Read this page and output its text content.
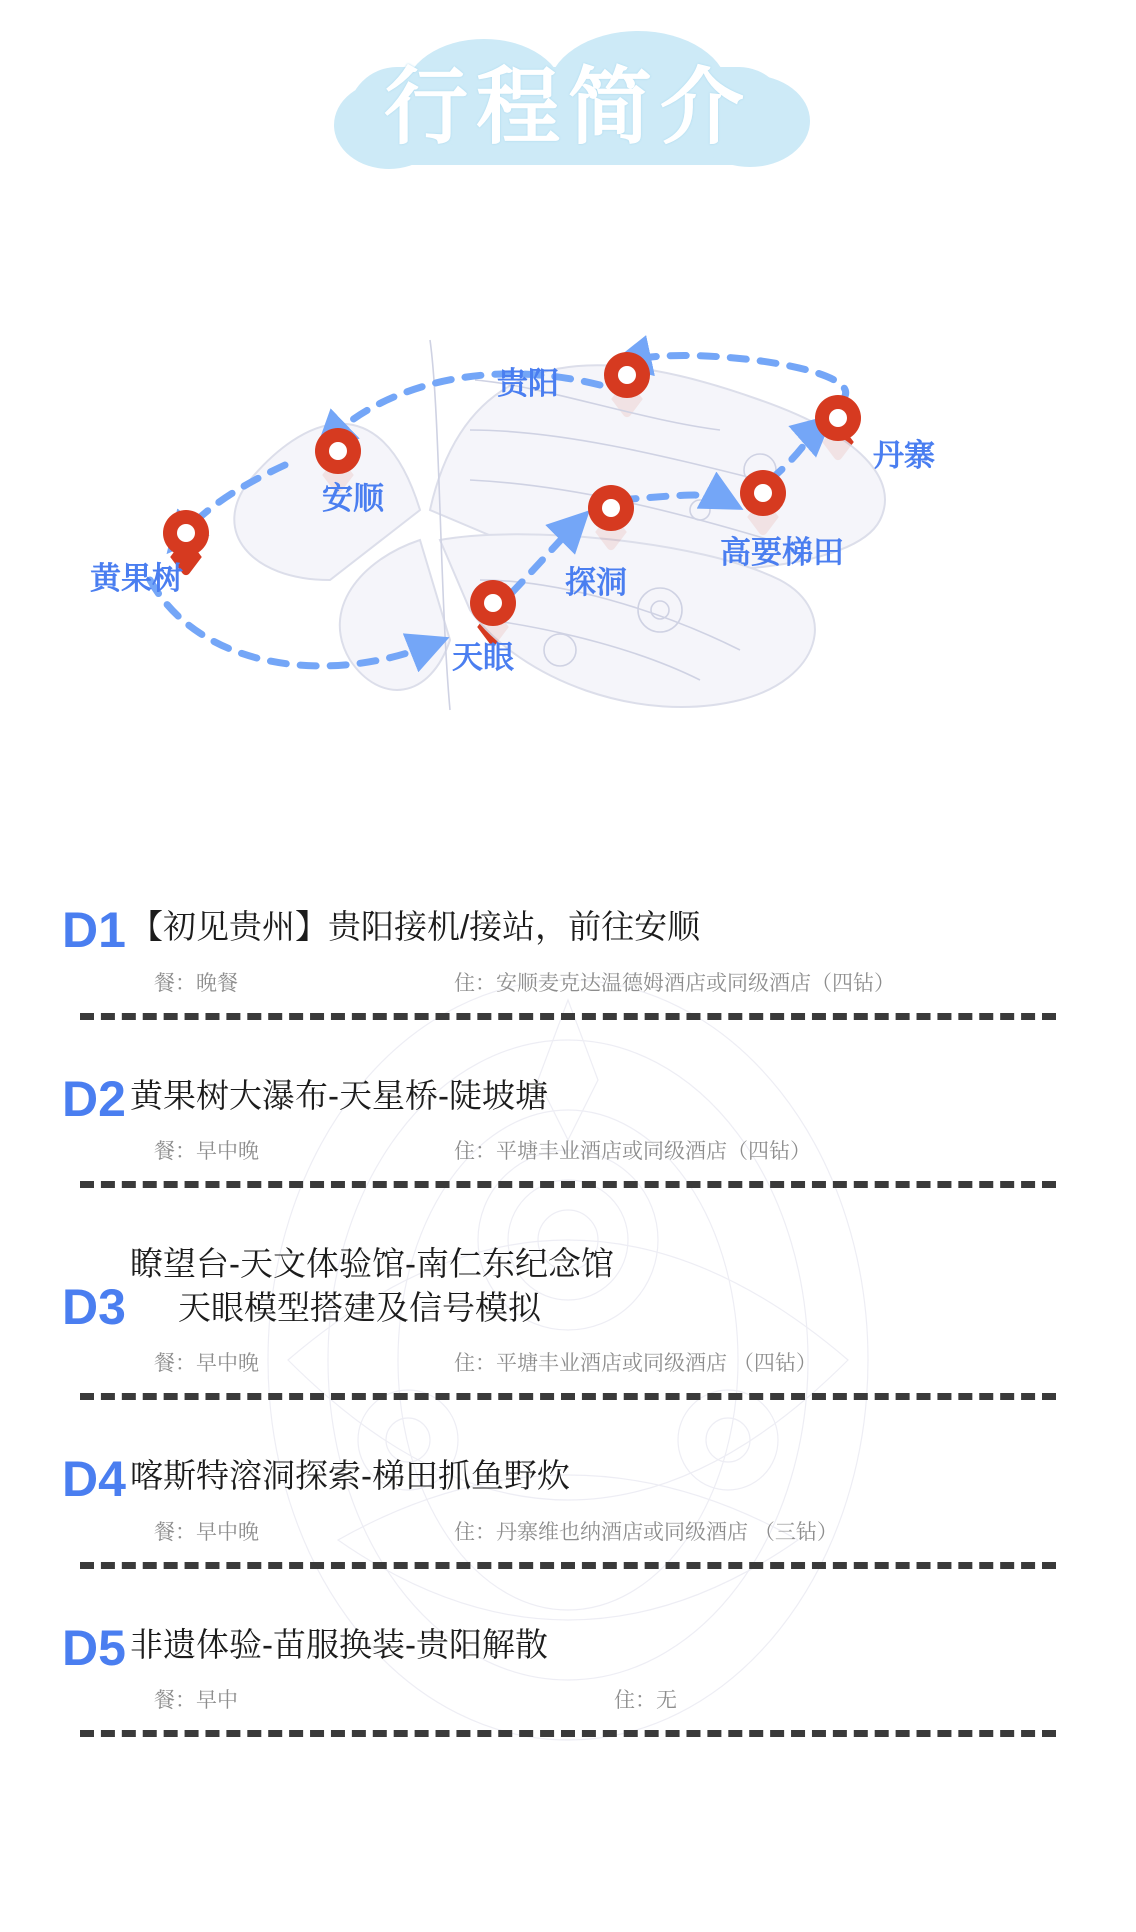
行程简介
贵阳
丹寨
安顺
高要梯田
黄果树	探洞
天眼
D1 【初见贵州】贵阳接机/接站，前往安顺
餐：晚餐	住：安顺麦克达温德姆酒店或同级酒店（四钻）
D2 黄果树大瀑布-天星桥-陡坡塘
餐：早中晚	住：平塘丰业酒店或同级酒店（四钻）
D3
瞭望台-天文体验馆-南仁东纪念馆
天眼模型搭建及信号模拟
餐：早中晚	住：平塘丰业酒店或同级酒店 （四钻）
D4 喀斯特溶洞探索-梯田抓鱼野炊
餐：早中晚	住：丹寨维也纳酒店或同级酒店 （三钻）
D5 非遗体验-苗服换装-贵阳解散
餐：早中	住：无
